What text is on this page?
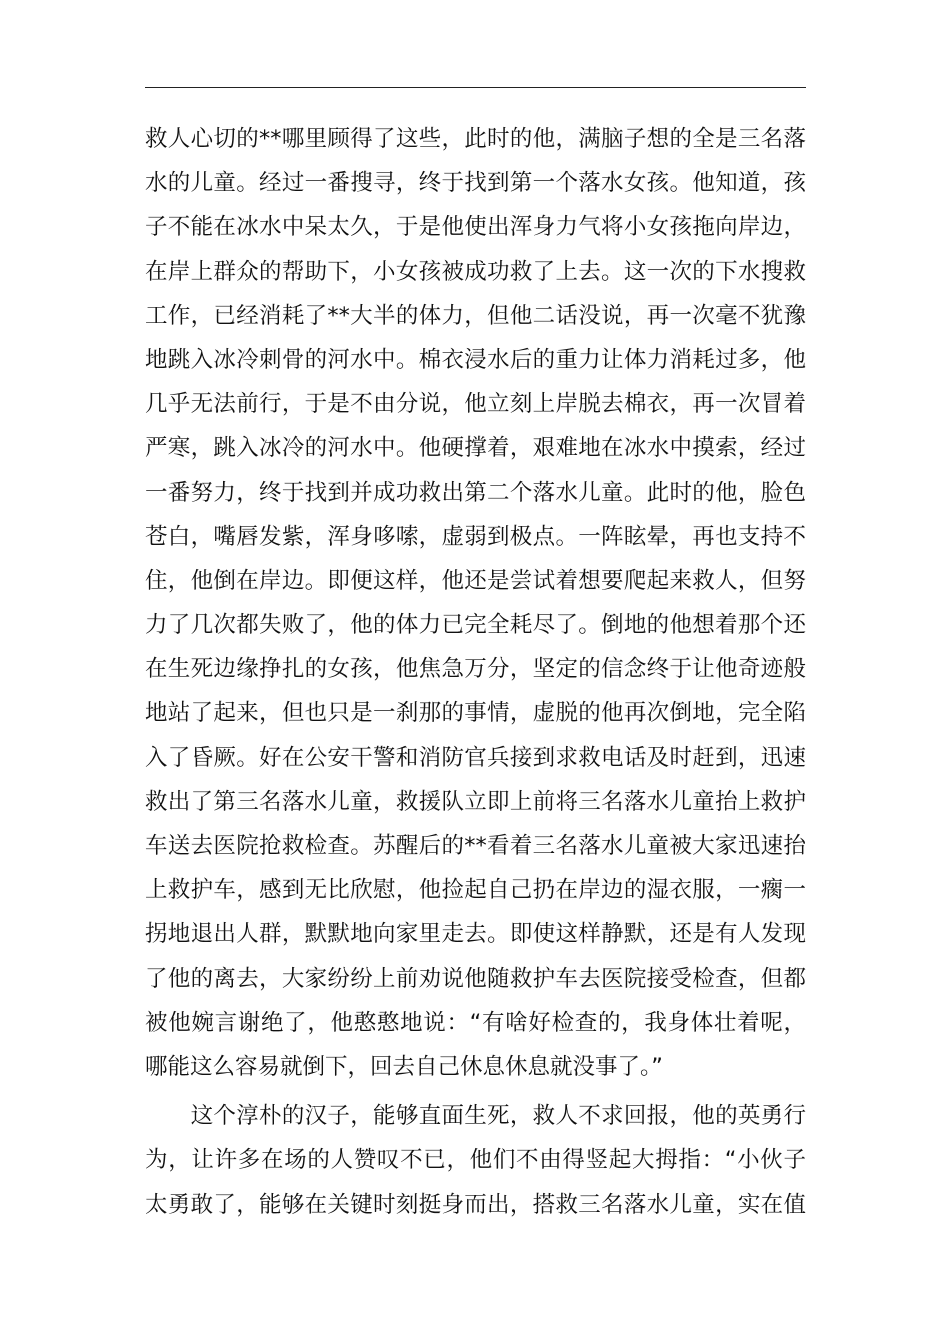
救人心切的**哪里顾得了这些，此时的他，满脑子想的全是三名落
水的儿童。经过一番搜寻，终于找到第一个落水女孩。他知道，孩
子不能在冰水中呆太久，于是他使出浑身力气将小女孩拖向岸边，
在岸上群众的帮助下，小女孩被成功救了上去。这一次的下水搜救
工作，已经消耗了**大半的体力，但他二话没说，再一次毫不犹豫
地跳入冰冷刺骨的河水中。棉衣浸水后的重力让体力消耗过多，他
几乎无法前行，于是不由分说，他立刻上岸脱去棉衣，再一次冒着
严寒，跳入冰冷的河水中。他硬撑着，艰难地在冰水中摸索，经过
一番努力，终于找到并成功救出第二个落水儿童。此时的他，脸色
苍白，嘴唇发紫，浑身哆嗦，虚弱到极点。一阵眩晕，再也支持不
住，他倒在岸边。即便这样，他还是尝试着想要爬起来救人，但努
力了几次都失败了，他的体力已完全耗尽了。倒地的他想着那个还
在生死边缘挣扎的女孩，他焦急万分，坚定的信念终于让他奇迹般
地站了起来，但也只是一刹那的事情，虚脱的他再次倒地，完全陷
入了昏厥。好在公安干警和消防官兵接到求救电话及时赶到，迅速
救出了第三名落水儿童，救援队立即上前将三名落水儿童抬上救护
车送去医院抢救检查。苏醒后的**看着三名落水儿童被大家迅速抬
上救护车，感到无比欣慰，他捡起自己扔在岸边的湿衣服，一瘸一
拐地退出人群，默默地向家里走去。即使这样静默，还是有人发现
了他的离去，大家纷纷上前劝说他随救护车去医院接受检查，但都
被他婉言谢绝了，他憨憨地说：“有啥好检查的，我身体壮着呢，
哪能这么容易就倒下，回去自己休息休息就没事了。”
　　这个淳朴的汉子，能够直面生死，救人不求回报，他的英勇行
为，让许多在场的人赞叹不已，他们不由得竖起大拇指：“小伙子
太勇敢了，能够在关键时刻挺身而出，搭救三名落水儿童，实在值
